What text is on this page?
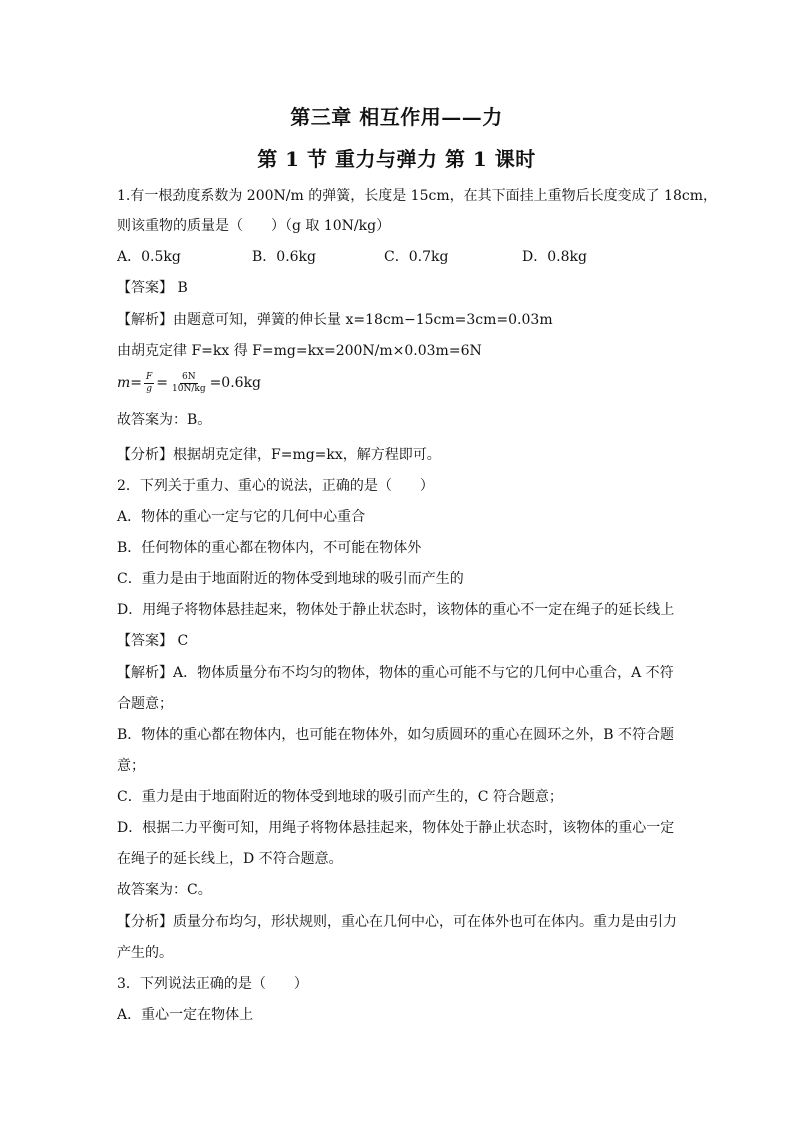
第三章 相互作用——力
第 1 节 重力与弹力 第 1 课时
1.有一根劲度系数为 200N/m 的弹簧，长度是 15cm，在其下面挂上重物后长度变成了 18cm，
则该重物的质量是（　　）（g 取 10N/kg）
A．0.5kg	B．0.6kg	C．0.7kg	D．0.8kg
【答案】 B
【解析】由题意可知，弹簧的伸长量 x=18cm−15cm=3cm=0.03m
由胡克定律 F=kx 得 F=mg=kx=200N/m×0.03m=6N
$m= \frac{F}{g} = \frac{6N}{10N/kg} =0.6kg$
故答案为：B。
【分析】根据胡克定律，F=mg=kx，解方程即可。
2．下列关于重力、重心的说法，正确的是（　　）
A．物体的重心一定与它的几何中心重合
B．任何物体的重心都在物体内，不可能在物体外
C．重力是由于地面附近的物体受到地球的吸引而产生的
D．用绳子将物体悬挂起来，物体处于静止状态时，该物体的重心不一定在绳子的延长线上
【答案】 C
【解析】A．物体质量分布不均匀的物体，物体的重心可能不与它的几何中心重合，A 不符
合题意；
B．物体的重心都在物体内，也可能在物体外，如匀质圆环的重心在圆环之外，B 不符合题
意；
C．重力是由于地面附近的物体受到地球的吸引而产生的，C 符合题意；
D．根据二力平衡可知，用绳子将物体悬挂起来，物体处于静止状态时，该物体的重心一定
在绳子的延长线上，D 不符合题意。
故答案为：C。
【分析】质量分布均匀，形状规则，重心在几何中心，可在体外也可在体内。重力是由引力
产生的。
3．下列说法正确的是（　　）
A．重心一定在物体上
